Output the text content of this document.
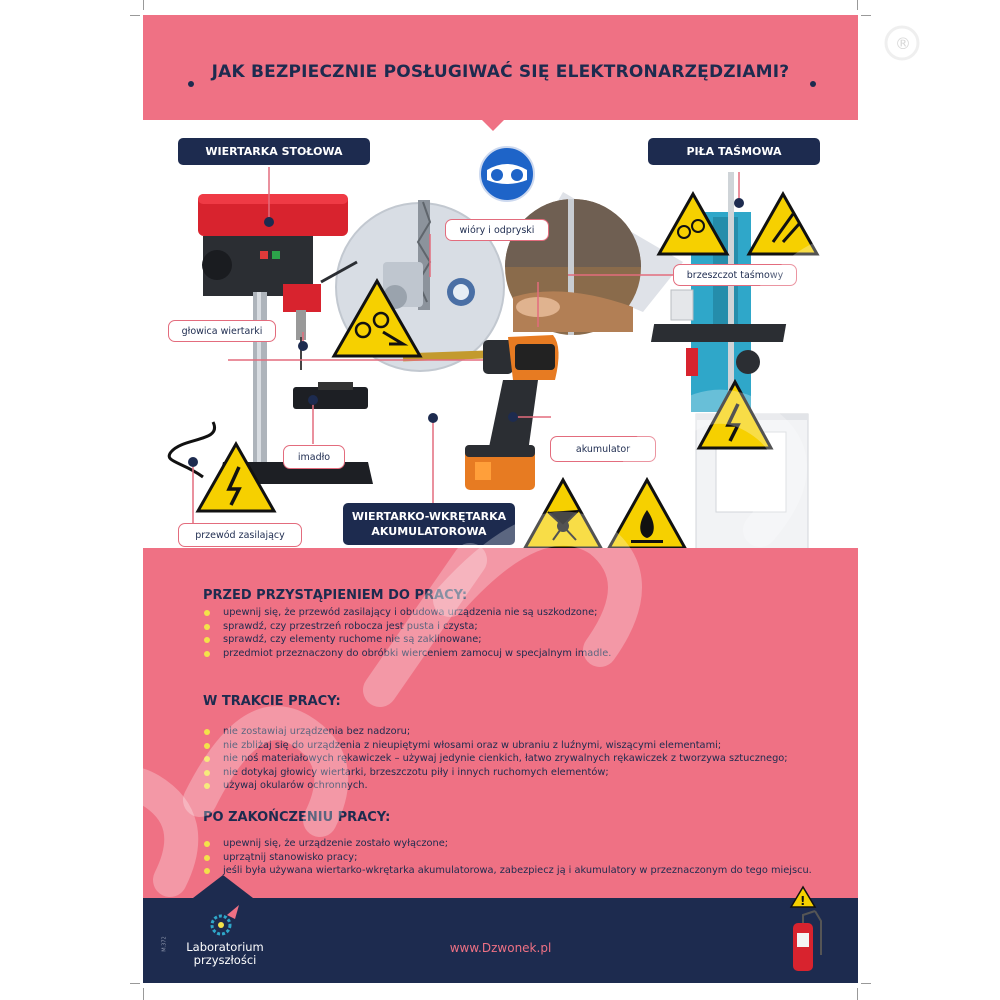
JAK BEZPIECZNIE POSŁUGIWAĆ SIĘ ELEKTRONARZĘDZIAMI?
WIERTARKA STOŁOWA	PIŁA TAŚMOWA
WIERTARKO-WKRĘTARKA
AKUMULATOROWA
wióry i odpryski
brzeszczot taśmowy
głowica wiertarki
imadło
akumulator
przewód zasilający
PRZED PRZYSTĄPIENIEM DO PRACY:
upewnij się, że przewód zasilający i obudowa urządzenia nie są uszkodzone;
sprawdź, czy przestrzeń robocza jest pusta i czysta;
sprawdź, czy elementy ruchome nie są zaklinowane;
przedmiot przeznaczony do obróbki wierceniem zamocuj w specjalnym imadle.
W TRAKCIE PRACY:
nie zostawiaj urządzenia bez nadzoru;
nie zbliżaj się do urządzenia z nieupiętymi włosami oraz w ubraniu z luźnymi, wiszącymi elementami;
nie noś materiałowych rękawiczek – używaj jedynie cienkich, łatwo zrywalnych rękawiczek z tworzywa sztucznego;
nie dotykaj głowicy wiertarki, brzeszczotu piły i innych ruchomych elementów;
używaj okularów ochronnych.
PO ZAKOŃCZENIU PRACY:
upewnij się, że urządzenie zostało wyłączone;
uprzątnij stanowisko pracy;
jeśli była używana wiertarko-wkrętarka akumulatorowa, zabezpiecz ją i akumulatory w przeznaczonym do tego miejscu.
!
M.372	Laboratorium
przyszłości
www.Dzwonek.pl
®
